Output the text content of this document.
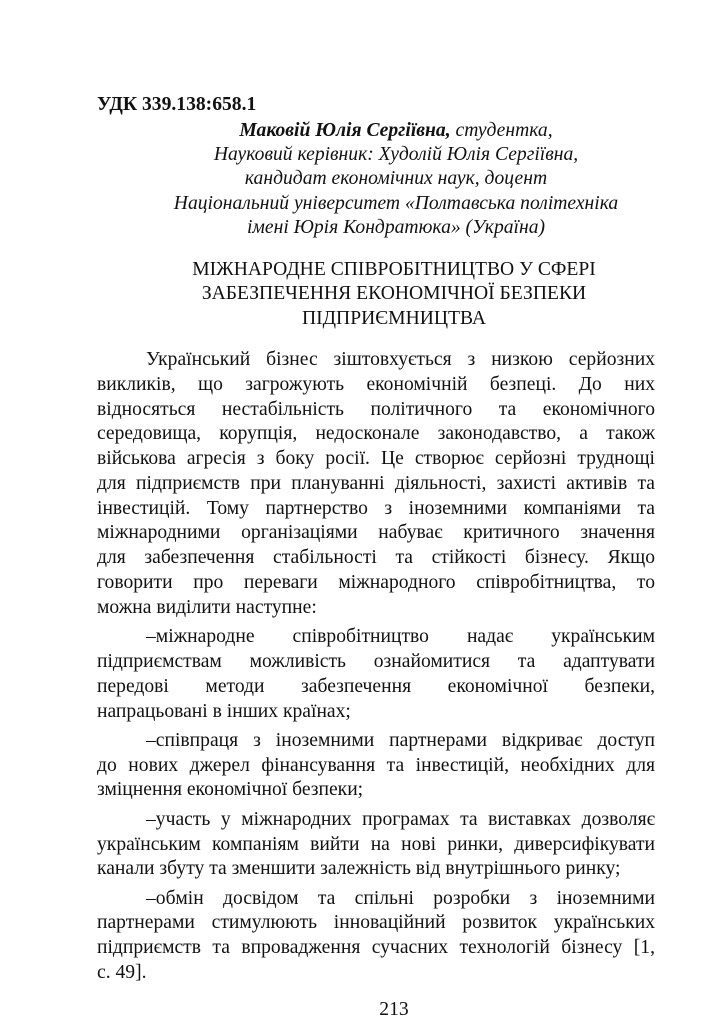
УДК 339.138:658.1
Маковій Юлія Сергіївна, студентка,
Науковий керівник: Худолій Юлія Сергіївна,
кандидат економічних наук, доцент
Національний університет «Полтавська політехніка
імені Юрія Кондратюка» (Україна)
МІЖНАРОДНЕ СПІВРОБІТНИЦТВО У СФЕРІ
ЗАБЕЗПЕЧЕННЯ ЕКОНОМІЧНОЇ БЕЗПЕКИ
ПІДПРИЄМНИЦТВА
Український бізнес зіштовхується з низкою серйозних
викликів, що загрожують економічній безпеці. До них
відносяться нестабільність політичного та економічного
середовища, корупція, недосконале законодавство, а також
військова агресія з боку росії. Це створює серйозні труднощі
для підприємств при плануванні діяльності, захисті активів та
інвестицій. Тому партнерство з іноземними компаніями та
міжнародними організаціями набуває критичного значення
для забезпечення стабільності та стійкості бізнесу. Якщо
говорити про переваги міжнародного співробітництва, то
можна виділити наступне:
–міжнародне співробітництво надає українським
підприємствам можливість ознайомитися та адаптувати
передові методи забезпечення економічної безпеки,
напрацьовані в інших країнах;
–співпраця з іноземними партнерами відкриває доступ
до нових джерел фінансування та інвестицій, необхідних для
зміцнення економічної безпеки;
–участь у міжнародних програмах та виставках дозволяє
українським компаніям вийти на нові ринки, диверсифікувати
канали збуту та зменшити залежність від внутрішнього ринку;
–обмін досвідом та спільні розробки з іноземними
партнерами стимулюють інноваційний розвиток українських
підприємств та впровадження сучасних технологій бізнесу [1,
с. 49].
213
